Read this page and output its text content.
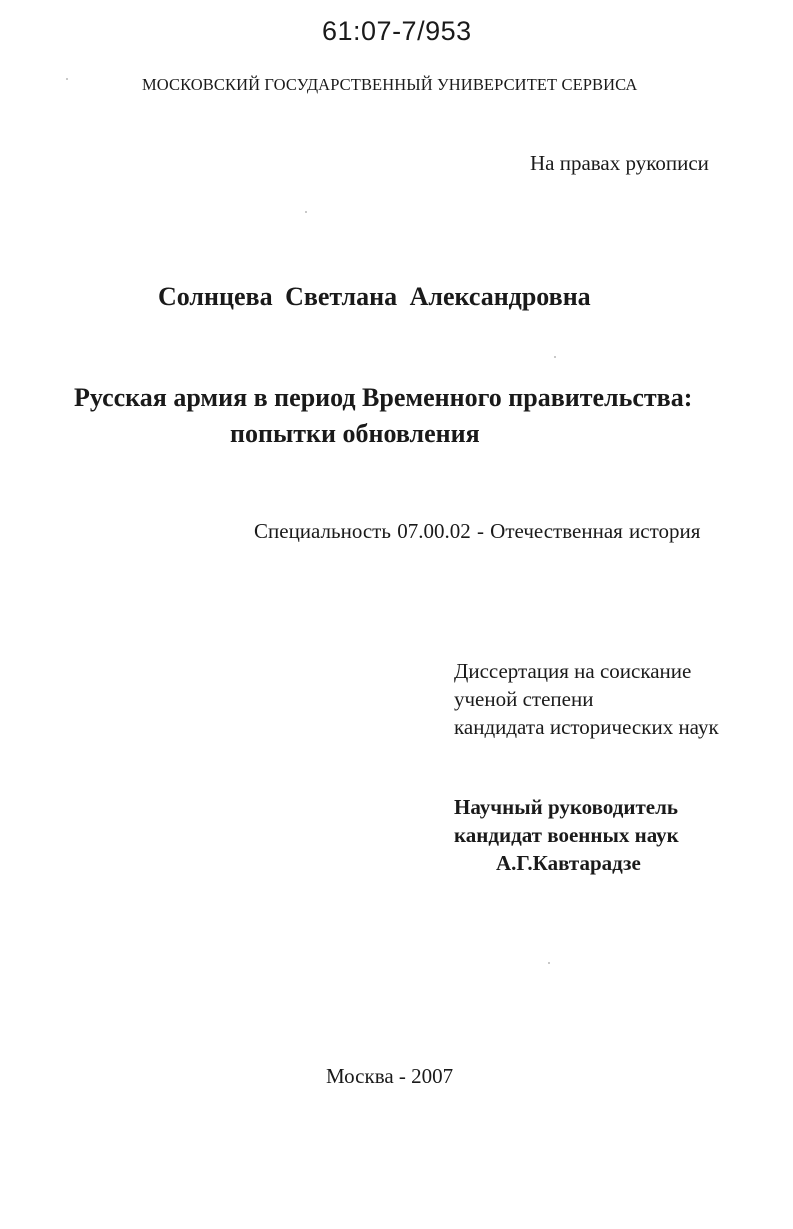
61:07-7/953
МОСКОВСКИЙ ГОСУДАРСТВЕННЫЙ УНИВЕРСИТЕТ СЕРВИСА
На правах рукописи
Солнцева Светлана Александровна
Русская армия в период Временного правительства:
попытки обновления
Специальность 07.00.02 - Отечественная история
Диссертация на соискание
ученой степени
кандидата исторических наук
Научный руководитель
кандидат военных наук
А.Г.Кавтарадзе
Москва - 2007
